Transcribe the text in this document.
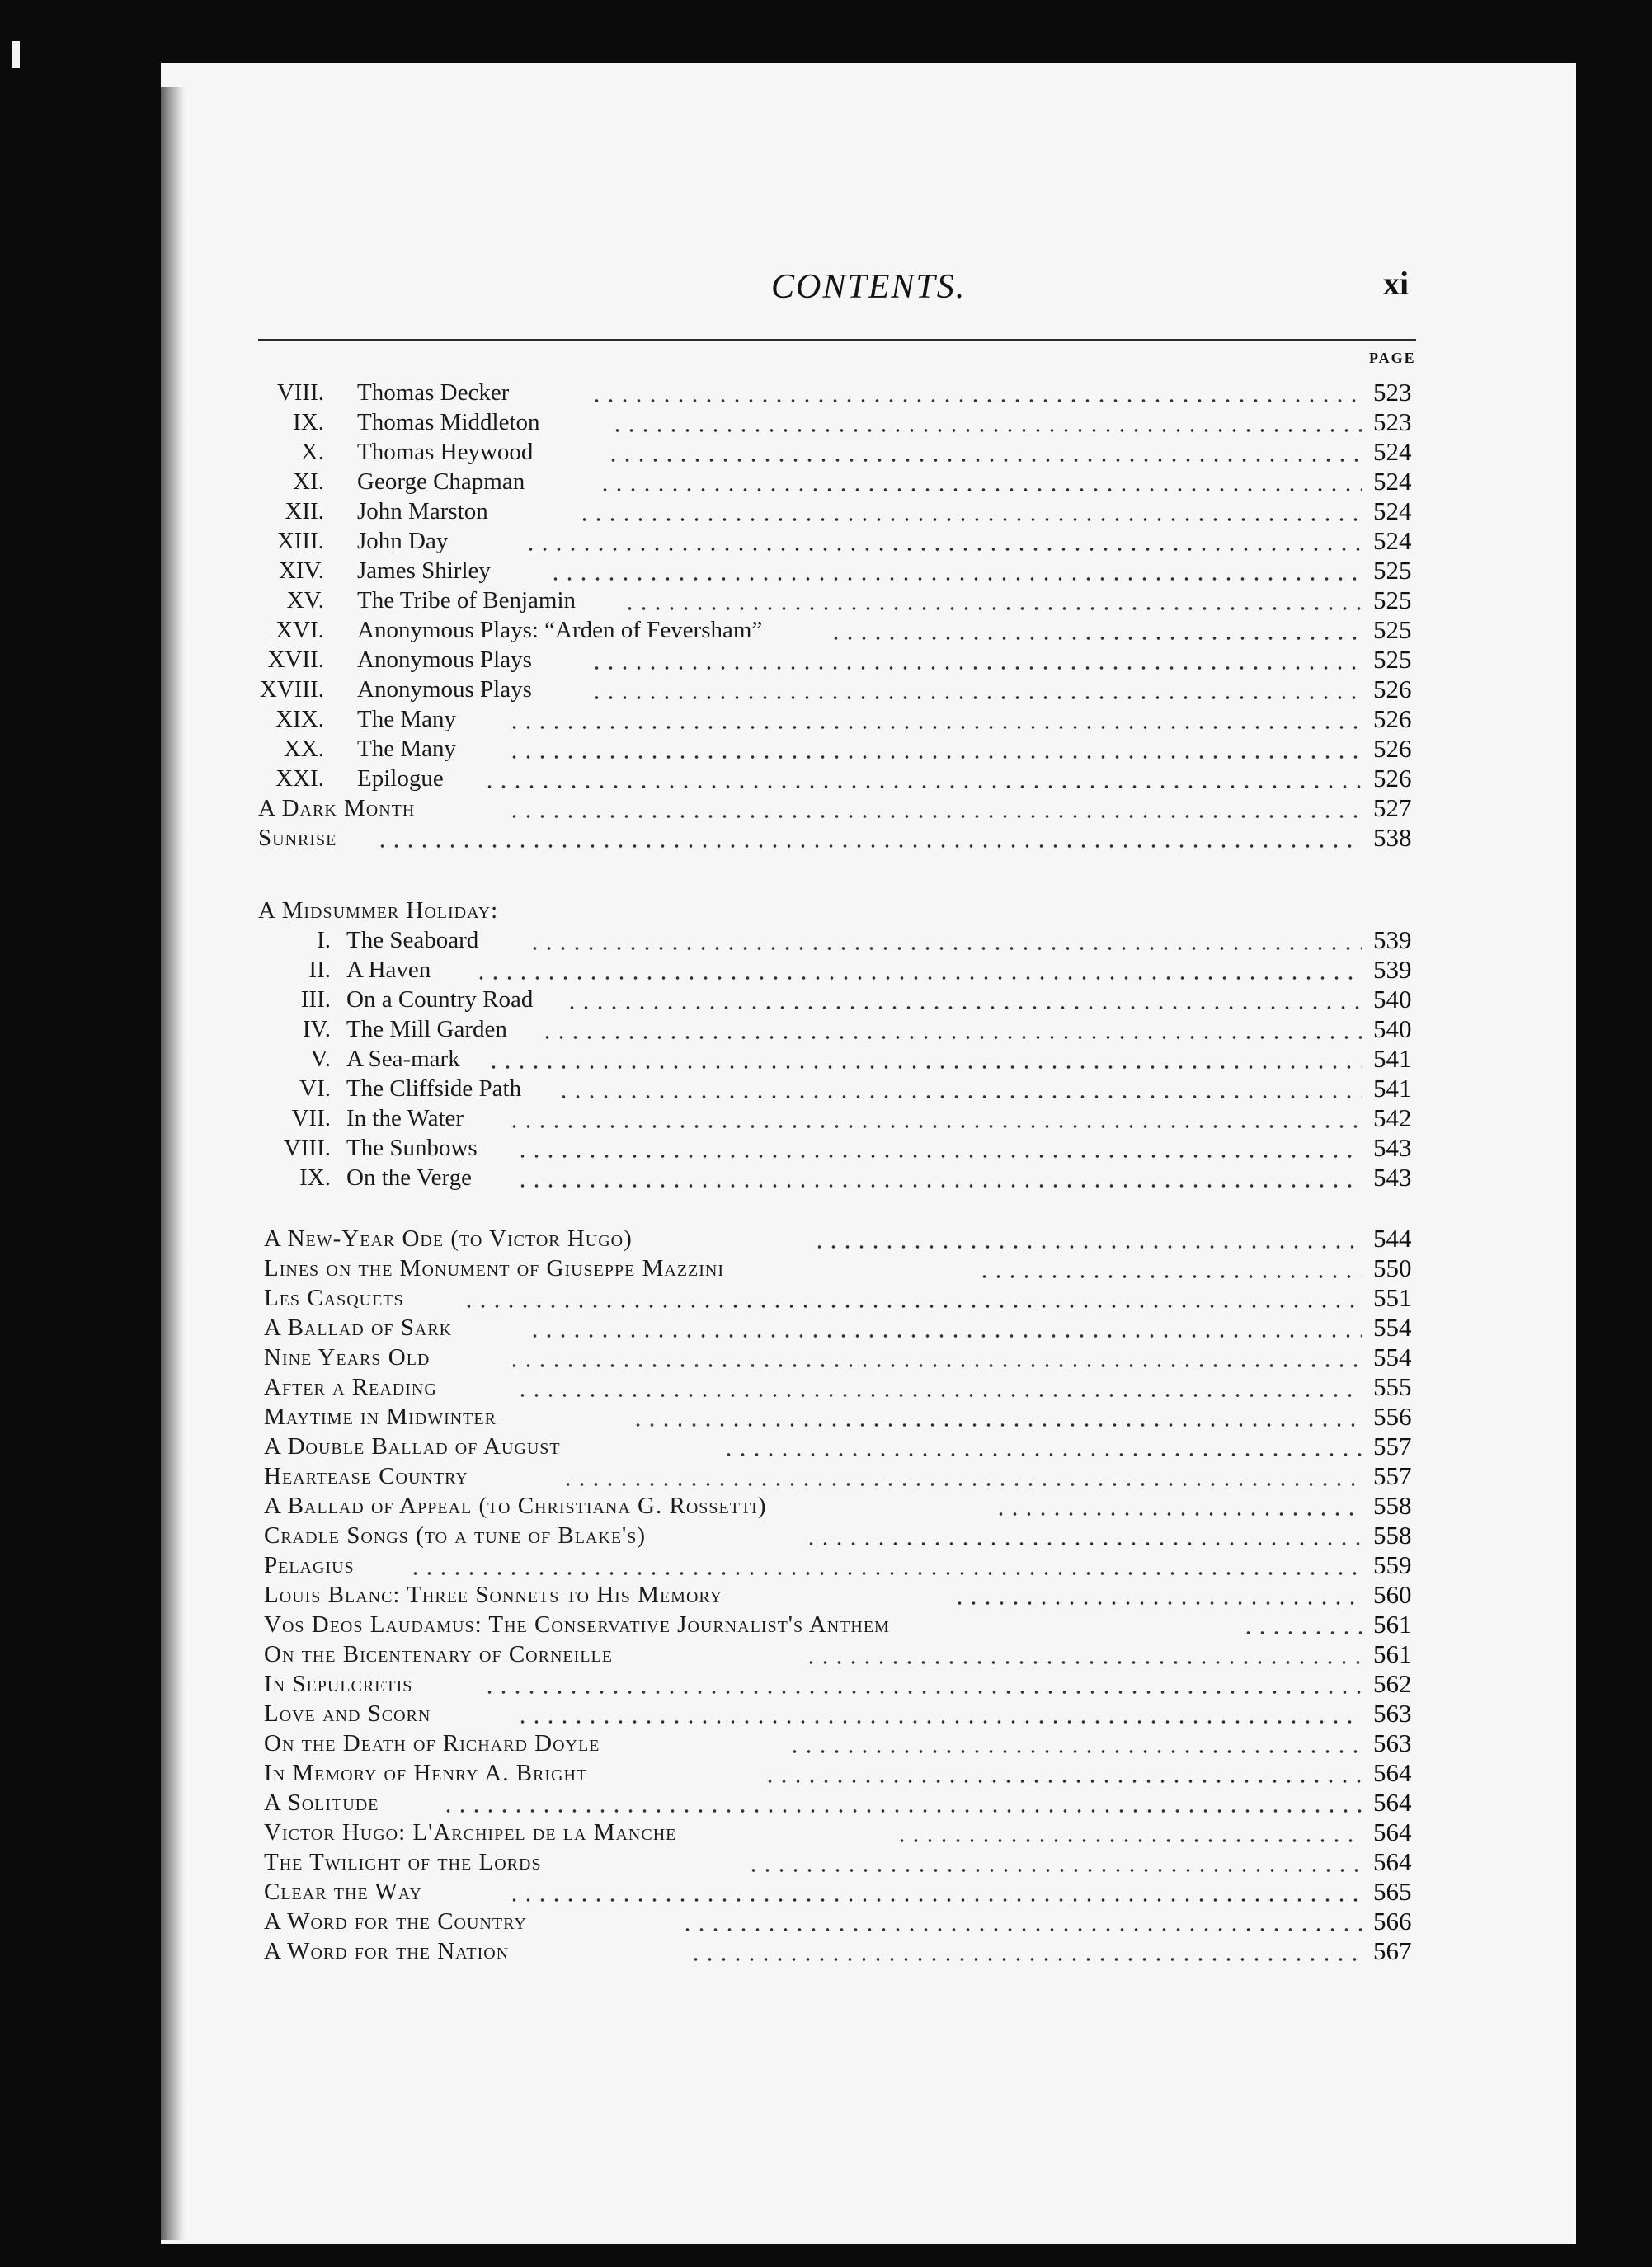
CONTENTS.	xi
PAGE
VIII. Thomas Decker	523
IX. Thomas Middleton	523
X. Thomas Heywood	524
XI. George Chapman	524
XII. John Marston	524
XIII. John Day	524
XIV. James Shirley	525
XV. The Tribe of Benjamin	525
XVI. Anonymous Plays: “Arden of Feversham”	525
XVII. Anonymous Plays	525
XVIII. Anonymous Plays	526
XIX. The Many	526
XX. The Many	526
XXI. Epilogue	526
A Dark Month	527
Sunrise	538
A Midsummer Holiday:
I. The Seaboard	539
II. A Haven	539
III. On a Country Road	540
IV. The Mill Garden	540
V. A Sea-mark	541
VI. The Cliffside Path	541
VII. In the Water	542
VIII. The Sunbows	543
IX. On the Verge	543
A New-Year Ode (to Victor Hugo)	544
Lines on the Monument of Giuseppe Mazzini	550
Les Casquets	551
A Ballad of Sark	554
Nine Years Old	554
After a Reading	555
Maytime in Midwinter	556
A Double Ballad of August	557
Heartease Country	557
A Ballad of Appeal (to Christiana G. Rossetti)	558
Cradle Songs (to a tune of Blake's)	558
Pelagius	559
Louis Blanc: Three Sonnets to His Memory	560
Vos Deos Laudamus: The Conservative Journalist's Anthem	561
On the Bicentenary of Corneille	561
In Sepulcretis	562
Love and Scorn	563
On the Death of Richard Doyle	563
In Memory of Henry A. Bright	564
A Solitude	564
Victor Hugo: L'Archipel de la Manche	564
The Twilight of the Lords	564
Clear the Way	565
A Word for the Country	566
A Word for the Nation	567
